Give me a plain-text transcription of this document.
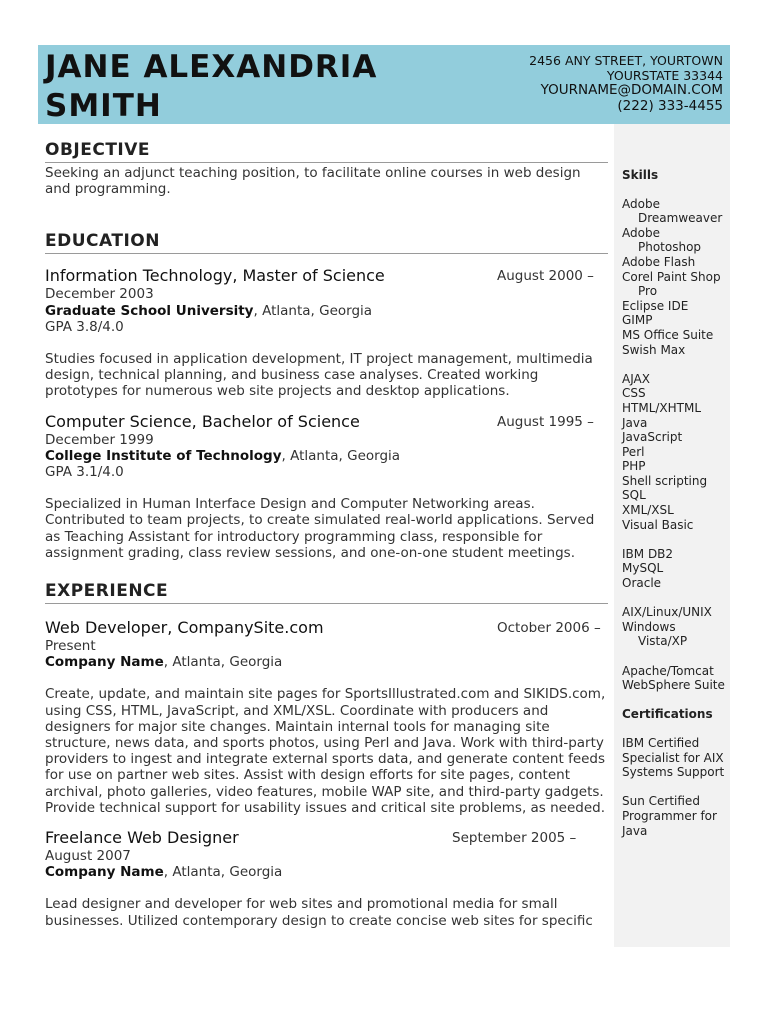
JANE ALEXANDRIA SMITH
2456 ANY STREET, YOURTOWN
YOURSTATE 33344
YOURNAME@DOMAIN.COM
(222) 333-4455
OBJECTIVE
Seeking an adjunct teaching position, to facilitate online courses in web design and programming.
EDUCATION
Information Technology, Master of Science	August 2000 –
December 2003
Graduate School University, Atlanta, Georgia
GPA 3.8/4.0
Studies focused in application development, IT project management, multimedia design, technical planning, and business case analyses. Created working prototypes for numerous web site projects and desktop applications.
Computer Science, Bachelor of Science	August 1995 –
December 1999
College Institute of Technology, Atlanta, Georgia
GPA 3.1/4.0
Specialized in Human Interface Design and Computer Networking areas. Contributed to team projects, to create simulated real-world applications. Served as Teaching Assistant for introductory programming class, responsible for assignment grading, class review sessions, and one-on-one student meetings.
EXPERIENCE
Web Developer, CompanySite.com	October 2006 –
Present
Company Name, Atlanta, Georgia
Create, update, and maintain site pages for SportsIllustrated.com and SIKIDS.com, using CSS, HTML, JavaScript, and XML/XSL. Coordinate with producers and designers for major site changes. Maintain internal tools for managing site structure, news data, and sports photos, using Perl and Java. Work with third-party providers to ingest and integrate external sports data, and generate content feeds for use on partner web sites. Assist with design efforts for site pages, content archival, photo galleries, video features, mobile WAP site, and third-party gadgets. Provide technical support for usability issues and critical site problems, as needed.
Freelance Web Designer	September 2005 –
August 2007
Company Name, Atlanta, Georgia
Lead designer and developer for web sites and promotional media for small businesses. Utilized contemporary design to create concise web sites for specific
Skills
Adobe Dreamweaver
Adobe Photoshop
Adobe Flash
Corel Paint Shop Pro
Eclipse IDE
GIMP
MS Office Suite
Swish Max
AJAX
CSS
HTML/XHTML
Java
JavaScript
Perl
PHP
Shell scripting
SQL
XML/XSL
Visual Basic
IBM DB2
MySQL
Oracle
AIX/Linux/UNIX
Windows Vista/XP
Apache/Tomcat
WebSphere Suite
Certifications
IBM Certified Specialist for AIX Systems Support
Sun Certified Programmer for Java
